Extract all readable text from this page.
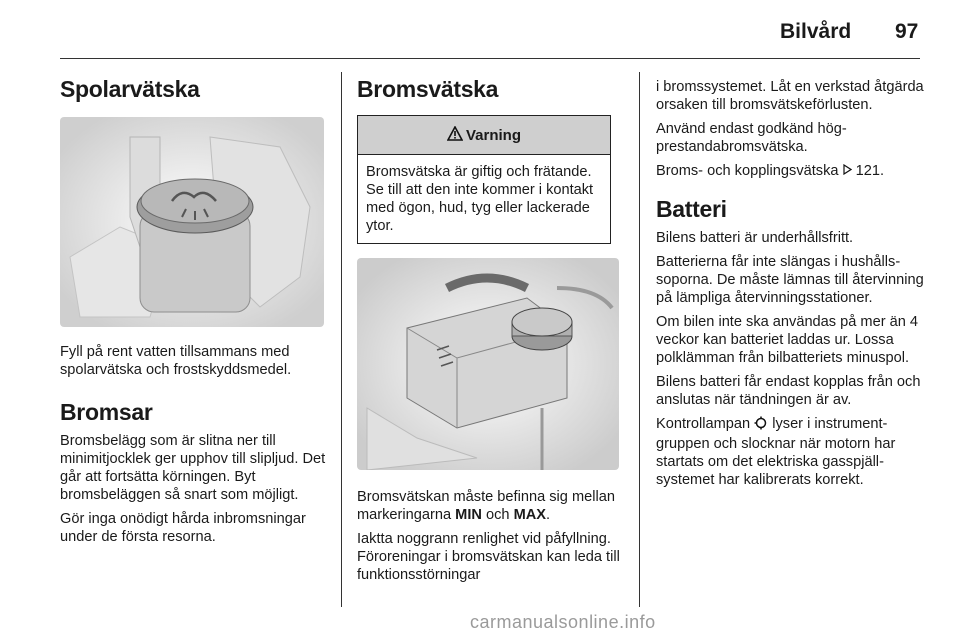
Bilvård 97
Spolarvätska

Fyll på rent vatten tillsammans med spolarvätska och frostskyddsmedel.

Bromsar

Bromsbelägg som är slitna ner till minimitjocklek ger upphov till slipljud. Det går att fortsätta körningen. Byt bromsbeläggen så snart som möjligt.

Gör inga onödigt hårda inbromsningar under de första resorna.

Bromsvätska
Varning

Bromsvätska är giftig och frätande. Se till att den inte kommer i kontakt med ögon, hud, tyg eller lackerade ytor.

Bromsvätskan måste befinna sig mellan markeringarna MIN och MAX.

Iaktta noggrann renlighet vid påfyllning. Föroreningar i bromsvätskan kan leda till funktionsstörningar

i bromssystemet. Låt en verkstad åtgärda orsaken till bromsvätskeförlusten.

Använd endast godkänd högprestandabromsvätska.

Broms- och kopplingsvätska  121.

Batteri

Bilens batteri är underhållsfritt.

Batterierna får inte slängas i hushållssoporna. De måste lämnas till återvinning på lämpliga återvinningsstationer.

Om bilen inte ska användas på mer än 4 veckor kan batteriet laddas ur. Lossa polklämman från bilbatteriets minuspol.

Bilens batteri får endast kopplas från och anslutas när tändningen är av.

Kontrollampan  lyser i instrumentgruppen och slocknar när motorn har startats om det elektriska gasspjällsystemet har kalibrerats korrekt.

carmanualsonline.info
